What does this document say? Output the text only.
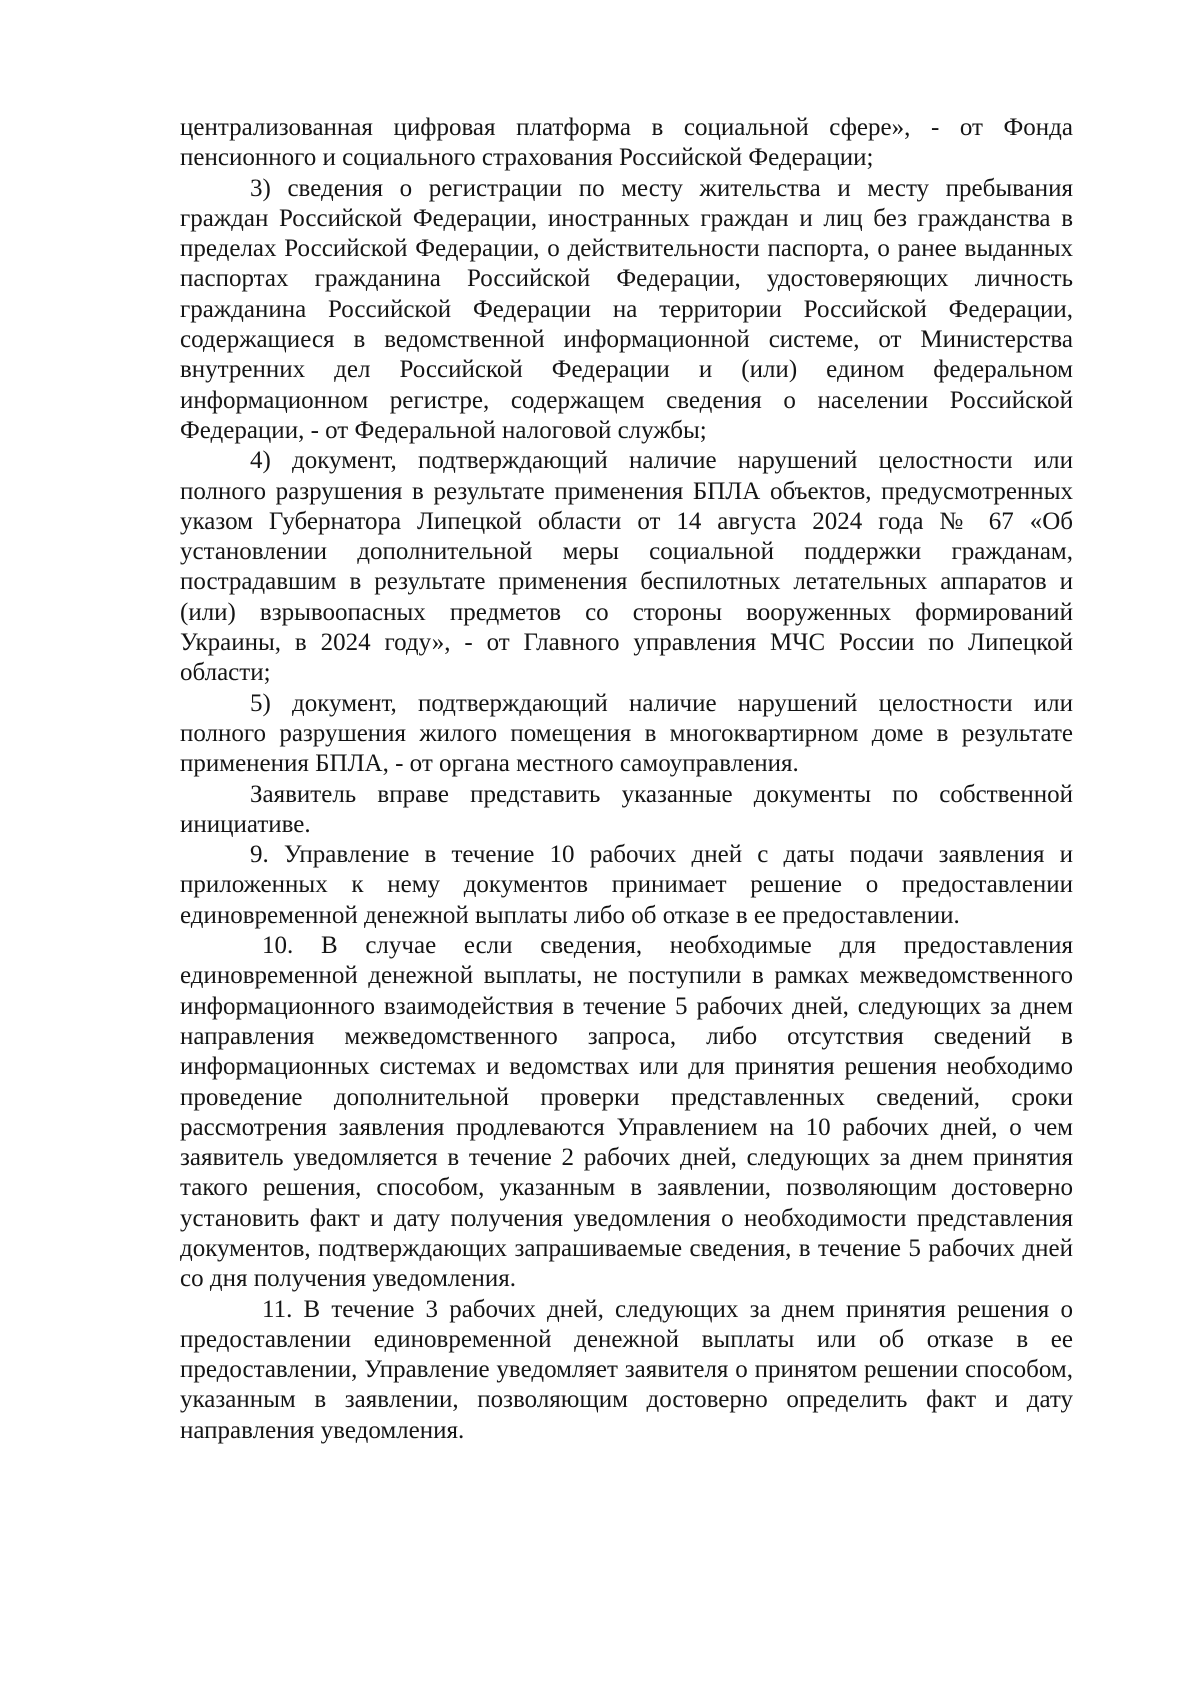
централизованная цифровая платформа в социальной сфере», - от Фонда пенсионного и социального страхования Российской Федерации;

3) сведения о регистрации по месту жительства и месту пребывания граждан Российской Федерации, иностранных граждан и лиц без гражданства в пределах Российской Федерации, о действительности паспорта, о ранее выданных паспортах гражданина Российской Федерации, удостоверяющих личность гражданина Российской Федерации на территории Российской Федерации, содержащиеся в ведомственной информационной системе, от Министерства внутренних дел Российской Федерации и (или) едином федеральном информационном регистре, содержащем сведения о населении Российской Федерации, - от Федеральной налоговой службы;

4) документ, подтверждающий наличие нарушений целостности или полного разрушения в результате применения БПЛА объектов, предусмотренных указом Губернатора Липецкой области от 14 августа 2024 года № 67 «Об установлении дополнительной меры социальной поддержки гражданам, пострадавшим в результате применения беспилотных летательных аппаратов и (или) взрывоопасных предметов со стороны вооруженных формирований Украины, в 2024 году», - от Главного управления МЧС России по Липецкой области;

5) документ, подтверждающий наличие нарушений целостности или полного разрушения жилого помещения в многоквартирном доме в результате применения БПЛА, - от органа местного самоуправления.

Заявитель вправе представить указанные документы по собственной инициативе.

9. Управление в течение 10 рабочих дней с даты подачи заявления и приложенных к нему документов принимает решение о предоставлении единовременной денежной выплаты либо об отказе в ее предоставлении.

10. В случае если сведения, необходимые для предоставления единовременной денежной выплаты, не поступили в рамках межведомственного информационного взаимодействия в течение 5 рабочих дней, следующих за днем направления межведомственного запроса, либо отсутствия сведений в информационных системах и ведомствах или для принятия решения необходимо проведение дополнительной проверки представленных сведений, сроки рассмотрения заявления продлеваются Управлением на 10 рабочих дней, о чем заявитель уведомляется в течение 2 рабочих дней, следующих за днем принятия такого решения, способом, указанным в заявлении, позволяющим достоверно установить факт и дату получения уведомления о необходимости представления документов, подтверждающих запрашиваемые сведения, в течение 5 рабочих дней со дня получения уведомления.

11. В течение 3 рабочих дней, следующих за днем принятия решения о предоставлении единовременной денежной выплаты или об отказе в ее предоставлении, Управление уведомляет заявителя о принятом решении способом, указанным в заявлении, позволяющим достоверно определить факт и дату направления уведомления.
